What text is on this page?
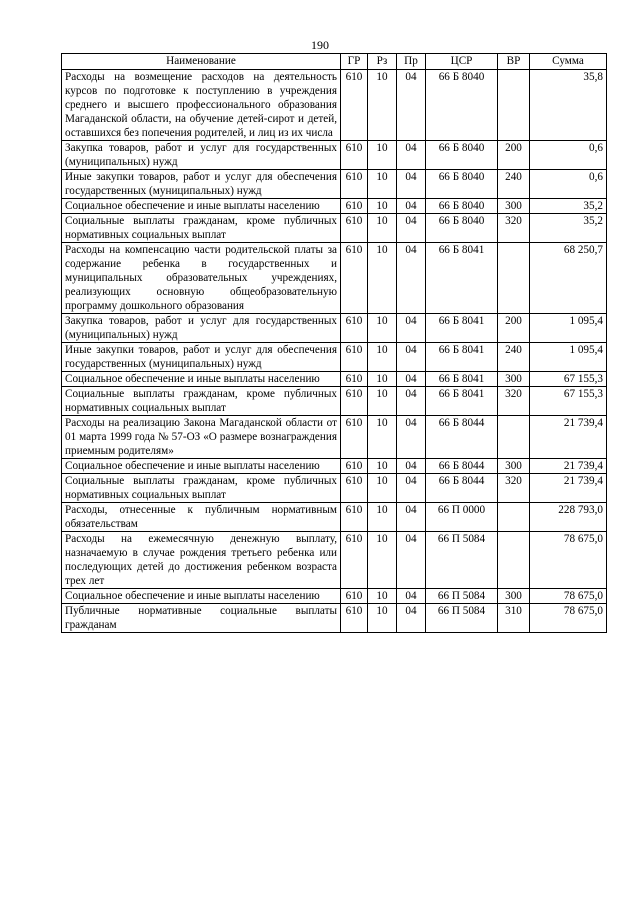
190
Наименование	ГР	Рз	Пр	ЦСР	ВР	Сумма
Расходы на возмещение расходов на деятельность курсов по подготовке к поступлению в учреждения среднего и высшего профессионального образования Магаданской области, на обучение детей-сирот и детей, оставшихся без попечения родителей, и лиц из их числа	610	10	04	66 Б 8040		35,8
Закупка товаров, работ и услуг для государственных (муниципальных) нужд	610	10	04	66 Б 8040	200	0,6
Иные закупки товаров, работ и услуг для обеспечения государственных (муниципальных) нужд	610	10	04	66 Б 8040	240	0,6
Социальное обеспечение и иные выплаты населению	610	10	04	66 Б 8040	300	35,2
Социальные выплаты гражданам, кроме публичных нормативных социальных выплат	610	10	04	66 Б 8040	320	35,2
Расходы на компенсацию части родительской платы за содержание ребенка в государственных и муниципальных образовательных учреждениях, реализующих основную общеобразовательную программу дошкольного образования	610	10	04	66 Б 8041		68 250,7
Закупка товаров, работ и услуг для государственных (муниципальных) нужд	610	10	04	66 Б 8041	200	1 095,4
Иные закупки товаров, работ и услуг для обеспечения государственных (муниципальных) нужд	610	10	04	66 Б 8041	240	1 095,4
Социальное обеспечение и иные выплаты населению	610	10	04	66 Б 8041	300	67 155,3
Социальные выплаты гражданам, кроме публичных нормативных социальных выплат	610	10	04	66 Б 8041	320	67 155,3
Расходы на реализацию Закона Магаданской области от 01 марта 1999 года № 57-ОЗ «О размере вознаграждения приемным родителям»	610	10	04	66 Б 8044		21 739,4
Социальное обеспечение и иные выплаты населению	610	10	04	66 Б 8044	300	21 739,4
Социальные выплаты гражданам, кроме публичных нормативных социальных выплат	610	10	04	66 Б 8044	320	21 739,4
Расходы, отнесенные к публичным нормативным обязательствам	610	10	04	66 П 0000		228 793,0
Расходы на ежемесячную денежную выплату, назначаемую в случае рождения третьего ребенка или последующих детей до достижения ребенком возраста трех лет	610	10	04	66 П 5084		78 675,0
Социальное обеспечение и иные выплаты населению	610	10	04	66 П 5084	300	78 675,0
Публичные нормативные социальные выплаты гражданам	610	10	04	66 П 5084	310	78 675,0
